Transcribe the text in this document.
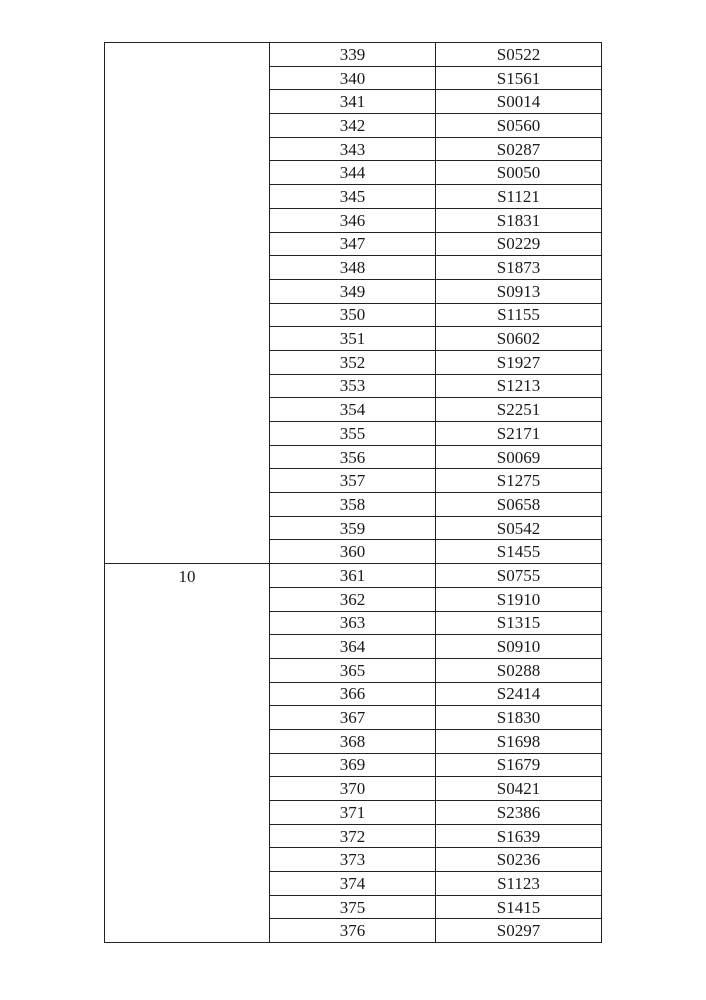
	339	S0522
	340	S1561
	341	S0014
	342	S0560
	343	S0287
	344	S0050
	345	S1121
	346	S1831
	347	S0229
	348	S1873
	349	S0913
	350	S1155
	351	S0602
	352	S1927
	353	S1213
	354	S2251
	355	S2171
	356	S0069
	357	S1275
	358	S0658
	359	S0542
	360	S1455
10	361	S0755
	362	S1910
	363	S1315
	364	S0910
	365	S0288
	366	S2414
	367	S1830
	368	S1698
	369	S1679
	370	S0421
	371	S2386
	372	S1639
	373	S0236
	374	S1123
	375	S1415
	376	S0297
